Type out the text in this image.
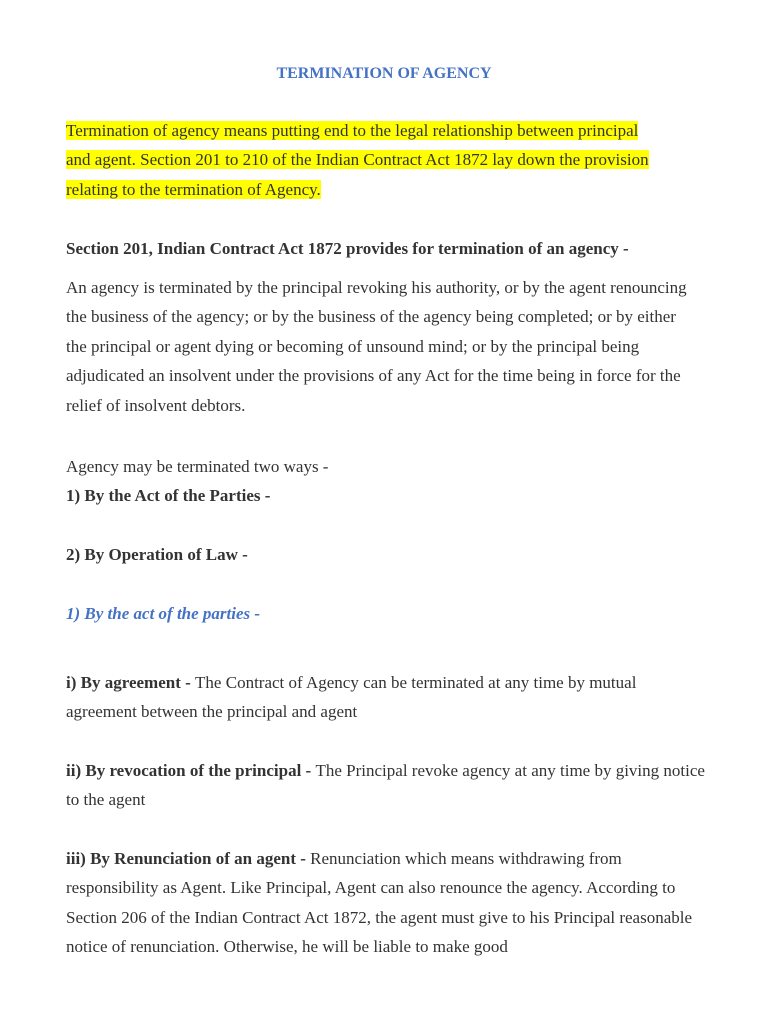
TERMINATION OF AGENCY

Termination of agency means putting end to the legal relationship between principal
and agent. Section 201 to 210 of the Indian Contract Act 1872 lay down the provision
relating to the termination of Agency.

Section 201, Indian Contract Act 1872 provides for termination of an agency -

An agency is terminated by the principal revoking his authority, or by the agent renouncing the business of the agency; or by the business of the agency being completed; or by either the principal or agent dying or becoming of unsound mind; or by the principal being adjudicated an insolvent under the provisions of any Act for the time being in force for the relief of insolvent debtors.

Agency may be terminated two ways -

1) By the Act of the Parties -

2) By Operation of Law -

1) By the act of the parties -

i) By agreement - The Contract of Agency can be terminated at any time by mutual agreement between the principal and agent

ii) By revocation of the principal - The Principal revoke agency at any time by giving notice to the agent

iii) By Renunciation of an agent - Renunciation which means withdrawing from responsibility as Agent. Like Principal, Agent can also renounce the agency. According to Section 206 of the Indian Contract Act 1872, the agent must give to his Principal reasonable notice of renunciation. Otherwise, he will be liable to make good
